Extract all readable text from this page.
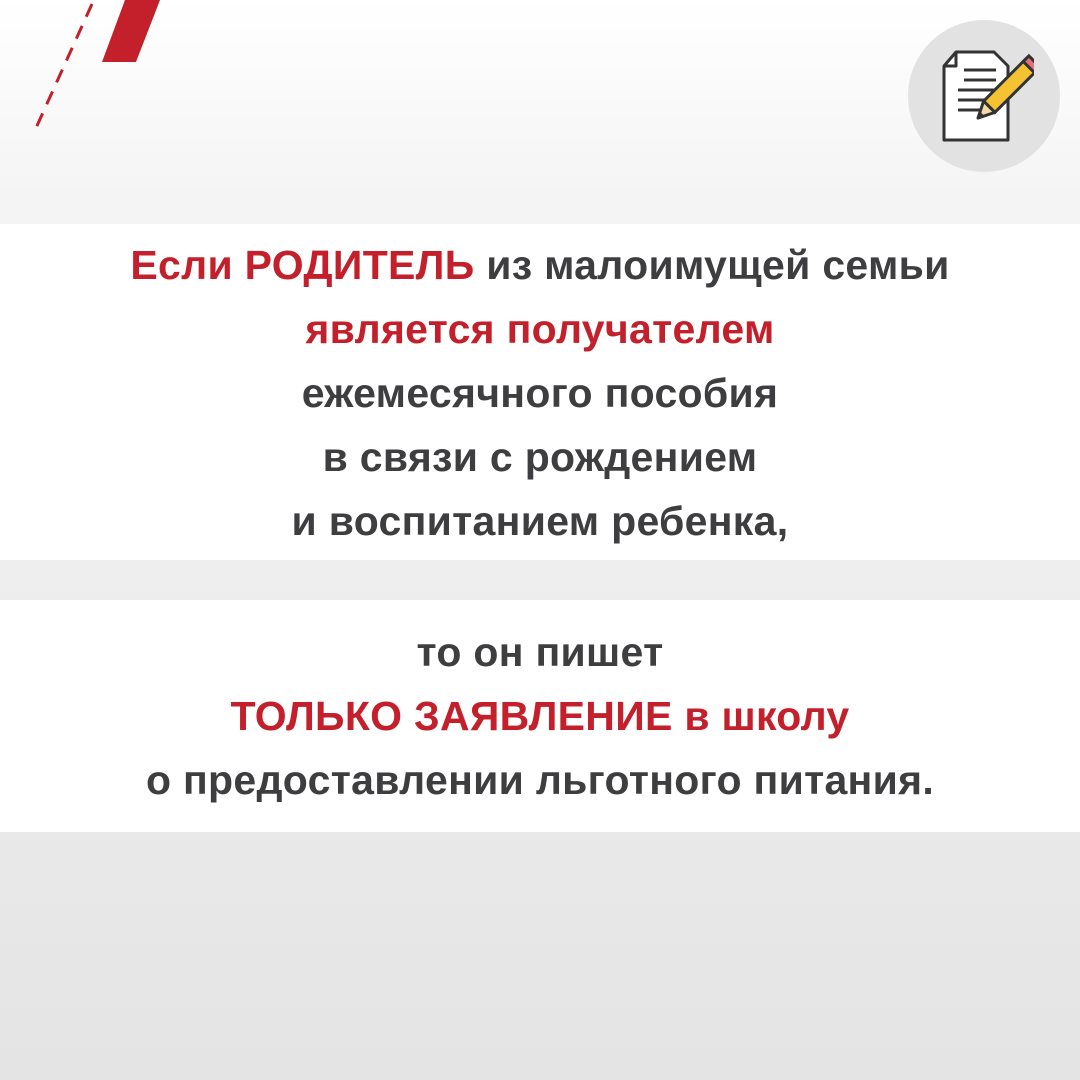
Если РОДИТЕЛЬ из малоимущей семьи
является получателем
ежемесячного пособия
в связи с рождением
и воспитанием ребенка,
то он пишет
ТОЛЬКО ЗАЯВЛЕНИЕ в школу
о предоставлении льготного питания.
